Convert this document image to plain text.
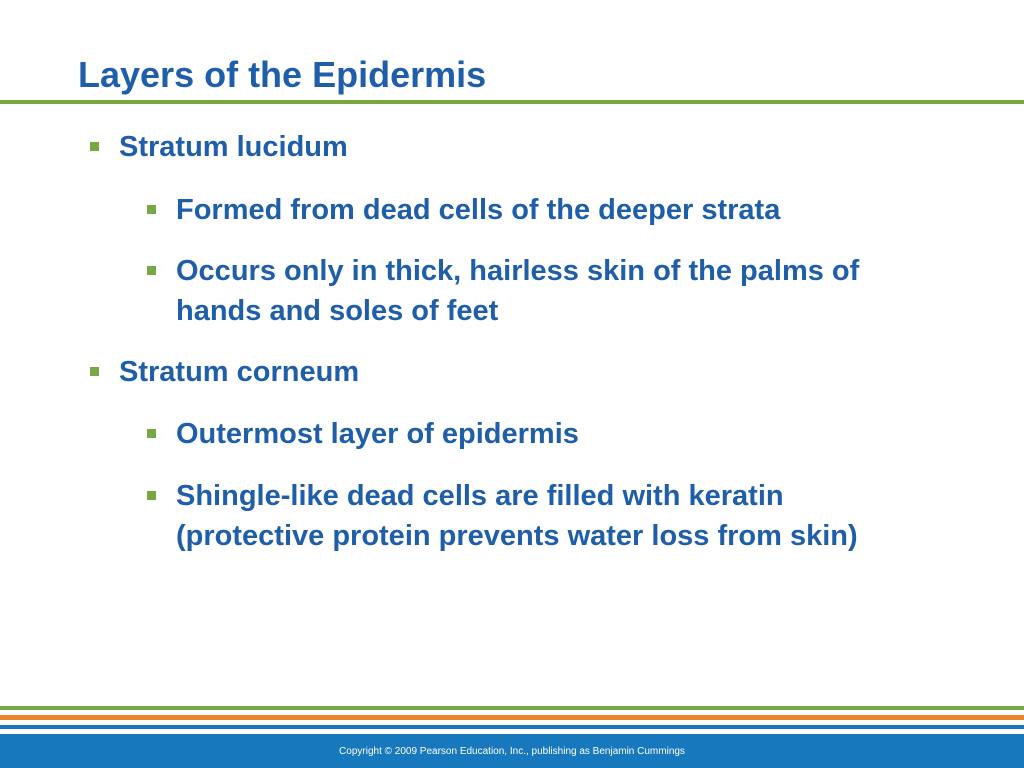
Layers of the Epidermis
Stratum lucidum
Formed from dead cells of the deeper strata
Occurs only in thick, hairless skin of the palms of hands and soles of feet
Stratum corneum
Outermost layer of epidermis
Shingle-like dead cells are filled with keratin (protective protein prevents water loss from skin)
Copyright © 2009 Pearson Education, Inc., publishing as Benjamin Cummings
